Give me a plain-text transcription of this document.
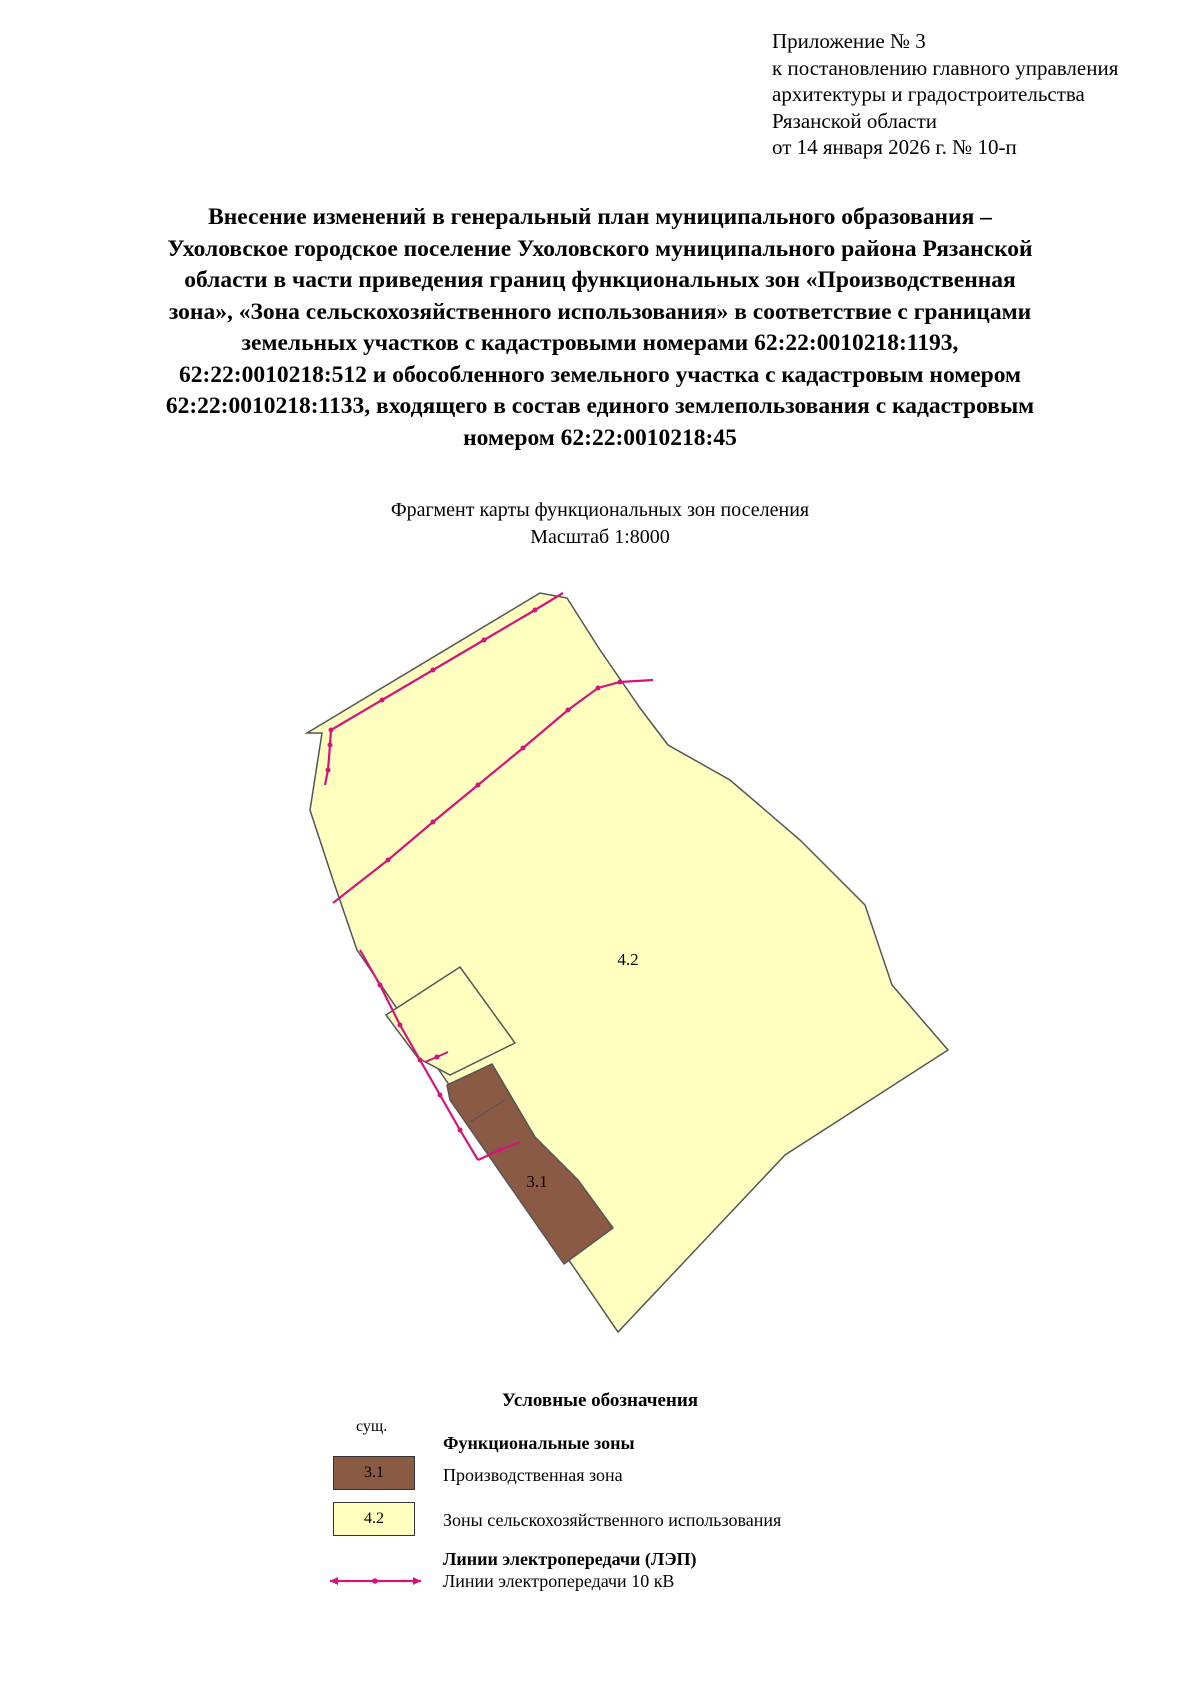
Приложение № 3
к постановлению главного управления
архитектуры и градостроительства
Рязанской области
от 14 января 2026 г. № 10-п
Внесение изменений в генеральный план муниципального образования –
Ухоловское городское поселение Ухоловского муниципального района Рязанской
области в части приведения границ функциональных зон «Производственная
зона», «Зона сельскохозяйственного использования» в соответствие с границами
земельных участков с кадастровыми номерами 62:22:0010218:1193,
62:22:0010218:512 и обособленного земельного участка с кадастровым номером
62:22:0010218:1133, входящего в состав единого землепользования с кадастровым
номером 62:22:0010218:45
Фрагмент карты функциональных зон поселения
Масштаб 1:8000
4.2
3.1
Условные обозначения
сущ.
Функциональные зоны
3.1	Производственная зона
4.2	Зоны сельскохозяйственного использования
Линии электропередачи (ЛЭП)
Линии электропередачи 10 кВ
